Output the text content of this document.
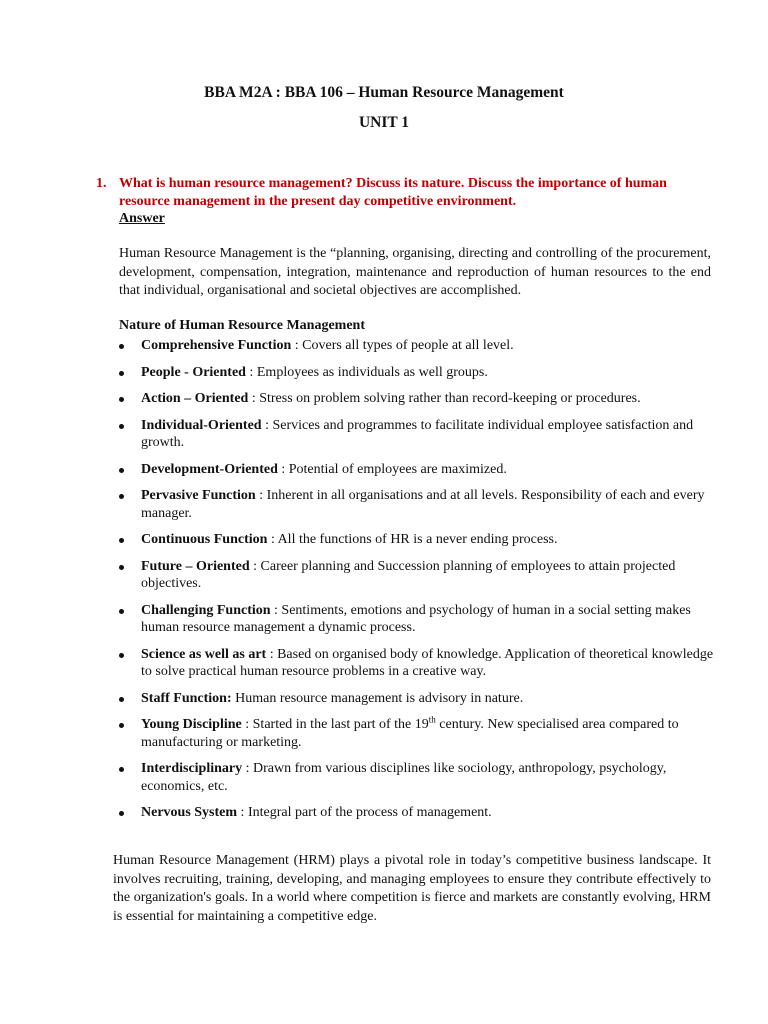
BBA M2A : BBA 106 – Human Resource Management
UNIT 1
1. What is human resource management? Discuss its nature. Discuss the importance of human resource management in the present day competitive environment.
Answer

Human Resource Management is the “planning, organising, directing and controlling of the procurement, development, compensation, integration, maintenance and reproduction of human resources to the end that individual, organisational and societal objectives are accomplished.

Nature of Human Resource Management
Comprehensive Function : Covers all types of people at all level.
People - Oriented : Employees as individuals as well groups.
Action – Oriented : Stress on problem solving rather than record-keeping or procedures.
Individual-Oriented : Services and programmes to facilitate individual employee satisfaction and growth.
Development-Oriented : Potential of employees are maximized.
Pervasive Function : Inherent in all organisations and at all levels. Responsibility of each and every manager.
Continuous Function : All the functions of HR is a never ending process.
Future – Oriented : Career planning and Succession planning of employees to attain projected objectives.
Challenging Function : Sentiments, emotions and psychology of human in a social setting makes human resource management a dynamic process.
Science as well as art : Based on organised body of knowledge. Application of theoretical knowledge to solve practical human resource problems in a creative way.
Staff Function: Human resource management is advisory in nature.
Young Discipline : Started in the last part of the 19th century. New specialised area compared to manufacturing or marketing.
Interdisciplinary : Drawn from various disciplines like sociology, anthropology, psychology, economics, etc.
Nervous System : Integral part of the process of management.

Human Resource Management (HRM) plays a pivotal role in today’s competitive business landscape. It involves recruiting, training, developing, and managing employees to ensure they contribute effectively to the organization's goals. In a world where competition is fierce and markets are constantly evolving, HRM is essential for maintaining a competitive edge.
